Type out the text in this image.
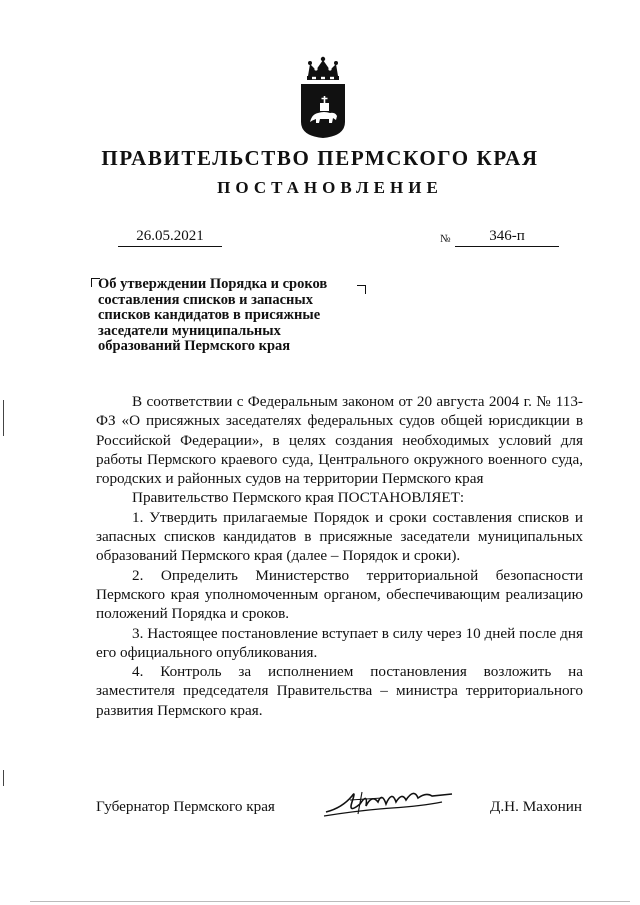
ПРАВИТЕЛЬСТВО ПЕРМСКОГО КРАЯ
ПОСТАНОВЛЕНИЕ
26.05.2021	№	346-п
Об утверждении Порядка и сроков
составления списков и запасных
списков кандидатов в присяжные
заседатели муниципальных
образований Пермского края
В соответствии с Федеральным законом от 20 августа 2004 г. № 113-ФЗ «О присяжных заседателях федеральных судов общей юрисдикции в Российской Федерации», в целях создания необходимых условий для работы Пермского краевого суда, Центрального окружного военного суда, городских и районных судов на территории Пермского края
Правительство Пермского края ПОСТАНОВЛЯЕТ:
1. Утвердить прилагаемые Порядок и сроки составления списков и запасных списков кандидатов в присяжные заседатели муниципальных образований Пермского края (далее – Порядок и сроки).
2. Определить Министерство территориальной безопасности Пермского края уполномоченным органом, обеспечивающим реализацию положений Порядка и сроков.
3. Настоящее постановление вступает в силу через 10 дней после дня его официального опубликования.
4. Контроль за исполнением постановления возложить на заместителя председателя Правительства – министра территориального развития Пермского края.
Губернатор Пермского края	Д.Н. Махонин
